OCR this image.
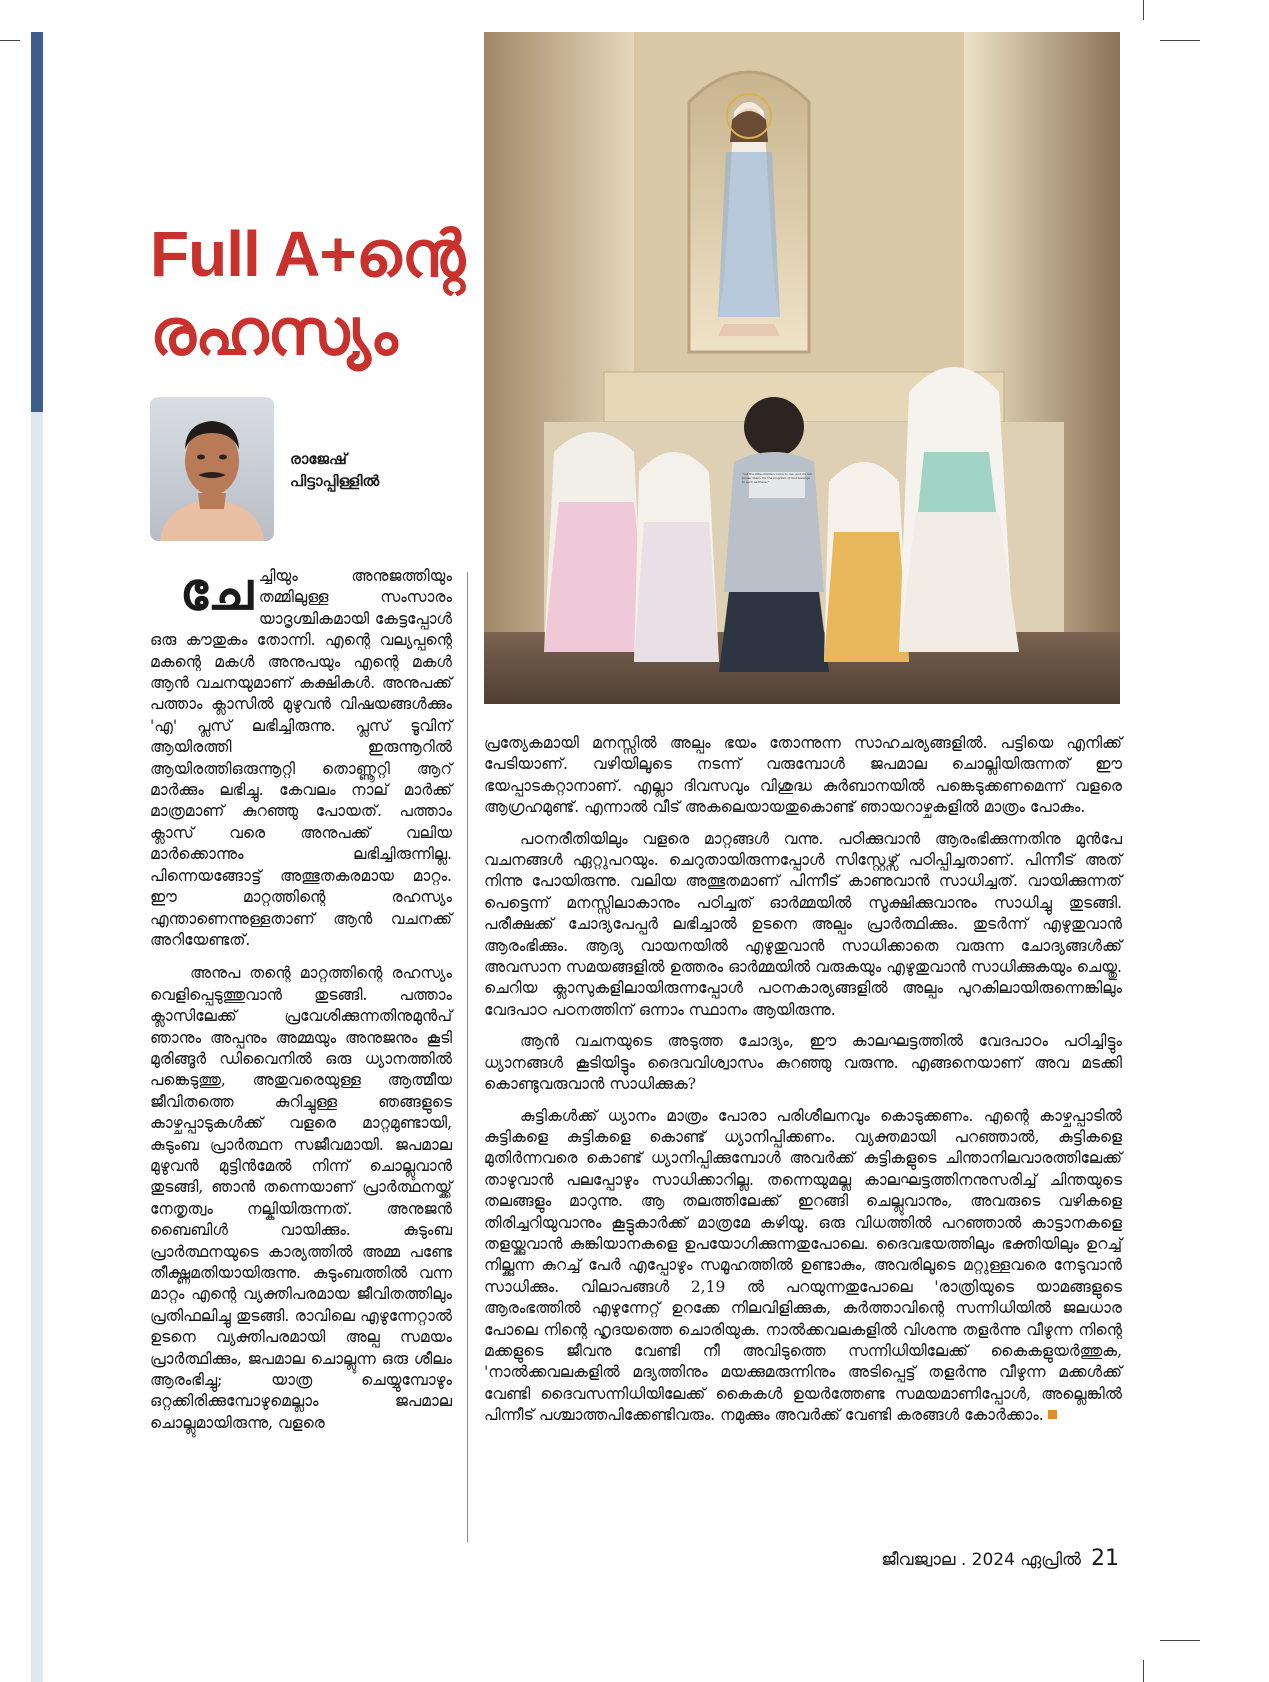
Full A+ന്റെ
രഹസ്യം
രാജേഷ്
പിട്ടാപ്പിള്ളിൽ	“Let the little children come to me, and do not hinder them, for the kingdom of God belongs to such as these.”

ചേച്ചിയും അനുജത്തിയും തമ്മിലുള്ള സംസാരം യാദൃശ്ചികമായി കേട്ടപ്പോൾ ഒരു കൗതുകം തോന്നി. എന്റെ വല്യപ്പന്റെ മകന്റെ മകൾ അനുപയും എന്റെ മകൾ ആൻ വചനയുമാണ് കക്ഷികൾ. അനുപക്ക് പത്താം ക്ലാസിൽ മുഴുവൻ വിഷയങ്ങൾക്കും 'എ' പ്ലസ് ലഭിച്ചിരുന്നു. പ്ലസ് ടൂവിന് ആയിരത്തി ഇരുന്നൂറിൽ ആയിരത്തിഒരുന്നൂറ്റി തൊണ്ണൂറ്റി ആറ് മാർക്കും ലഭിച്ചു. കേവലം നാല് മാർക്ക് മാത്രമാണ് കുറഞ്ഞു പോയത്. പത്താം ക്ലാസ് വരെ അനുപക്ക് വലിയ മാർക്കൊന്നും ലഭിച്ചിരുന്നില്ല. പിന്നെയങ്ങോട്ട് അത്ഭുതകരമായ മാറ്റം. ഈ മാറ്റത്തിന്റെ രഹസ്യം എന്താണെന്നുള്ളതാണ് ആൻ വചനക്ക് അറിയേണ്ടത്.

അനുപ തന്റെ മാറ്റത്തിന്റെ രഹസ്യം വെളിപ്പെടുത്തുവാൻ തുടങ്ങി. പത്താം ക്ലാസിലേക്ക് പ്രവേശിക്കുന്നതിനുമുൻപ് ഞാനും അപ്പനും അമ്മയും അനുജനും കൂടി മുരിങ്ങൂർ ഡിവൈനിൽ ഒരു ധ്യാനത്തിൽ പങ്കെടുത്തു, അതുവരെയുള്ള ആത്മീയ ജീവിതത്തെ കുറിച്ചുള്ള ഞങ്ങളുടെ കാഴ്ചപ്പാടുകൾക്ക് വളരെ മാറ്റമുണ്ടായി, കുടുംബ പ്രാർത്ഥന സജീവമായി. ജപമാല മുഴുവൻ മുട്ടിൻമേൽ നിന്ന് ചൊല്ലുവാൻ തുടങ്ങി, ഞാൻ തന്നെയാണ് പ്രാർത്ഥനയ്ക്ക് നേതൃത്വം നല്കിയിരുന്നത്. അനുജൻ ബൈബിൾ വായിക്കും. കുടുംബ പ്രാർത്ഥനയുടെ കാര്യത്തിൽ അമ്മ പണ്ടേ തീക്ഷ്ണമതിയായിരുന്നു. കുടുംബത്തിൽ വന്ന മാറ്റം എന്റെ വ്യക്തിപരമായ ജീവിതത്തിലും പ്രതിഫലിച്ചു തുടങ്ങി. രാവിലെ എഴുന്നേറ്റാൽ ഉടനെ വ്യക്തിപരമായി അല്പ സമയം പ്രാർത്ഥിക്കും, ജപമാല ചൊല്ലുന്ന ഒരു ശീലം ആരംഭിച്ചു; യാത്ര ചെയ്യുമ്പോഴും ഒറ്റക്കിരിക്കുമ്പോഴുമെല്ലാം ജപമാല ചൊല്ലുമായിരുന്നു, വളരെ

പ്രത്യേകമായി മനസ്സിൽ അല്പം ഭയം തോന്നുന്ന സാഹചര്യങ്ങളിൽ. പട്ടിയെ എനിക്ക് പേടിയാണ്. വഴിയിലൂടെ നടന്ന് വരുമ്പോൾ ജപമാല ചൊല്ലിയിരുന്നത് ഈ ഭയപ്പാടകറ്റാനാണ്. എല്ലാ ദിവസവും വിശുദ്ധ കുർബാനയിൽ പങ്കെടുക്കണമെന്ന് വളരെ ആഗ്രഹമുണ്ട്. എന്നാൽ വീട് അകലെയായതുകൊണ്ട് ഞായറാഴ്ചകളിൽ മാത്രം പോകും.

പഠനരീതിയിലും വളരെ മാറ്റങ്ങൾ വന്നു. പഠിക്കുവാൻ ആരംഭിക്കുന്നതിനു മുൻപേ വചനങ്ങൾ ഏറ്റുപറയും. ചെറുതായിരുന്നപ്പോൾ സിസ്റ്റേഴ്സ് പഠിപ്പിച്ചതാണ്. പിന്നീട് അത് നിന്നു പോയിരുന്നു. വലിയ അത്ഭുതമാണ് പിന്നീട് കാണുവാൻ സാധിച്ചത്. വായിക്കുന്നത് പെട്ടെന്ന് മനസ്സിലാകാനും പഠിച്ചത് ഓർമ്മയിൽ സൂക്ഷിക്കുവാനും സാധിച്ചു തുടങ്ങി. പരീക്ഷക്ക് ചോദ്യപേപ്പർ ലഭിച്ചാൽ ഉടനെ അല്പം പ്രാർത്ഥിക്കും. തുടർന്ന് എഴുതുവാൻ ആരംഭിക്കും. ആദ്യ വായനയിൽ എഴുതുവാൻ സാധിക്കാതെ വരുന്ന ചോദ്യങ്ങൾക്ക് അവസാന സമയങ്ങളിൽ ഉത്തരം ഓർമ്മയിൽ വരുകയും എഴുതുവാൻ സാധിക്കുകയും ചെയ്തു. ചെറിയ ക്ലാസുകളിലായിരുന്നപ്പോൾ പഠനകാര്യങ്ങളിൽ അല്പം പുറകിലായിരുന്നെങ്കിലും വേദപാഠ പഠനത്തിന് ഒന്നാം സ്ഥാനം ആയിരുന്നു.

ആൻ വചനയുടെ അടുത്ത ചോദ്യം, ഈ കാലഘട്ടത്തിൽ വേദപാഠം പഠിച്ചിട്ടും ധ്യാനങ്ങൾ കൂടിയിട്ടും ദൈവവിശ്വാസം കുറഞ്ഞു വരുന്നു. എങ്ങനെയാണ് അവ മടക്കി കൊണ്ടുവരുവാൻ സാധിക്കുക?

കുട്ടികൾക്ക് ധ്യാനം മാത്രം പോരാ പരിശീലനവും കൊടുക്കണം. എന്റെ കാഴ്ചപ്പാടിൽ കുട്ടികളെ കുട്ടികളെ കൊണ്ട് ധ്യാനിപ്പിക്കണം. വ്യക്തമായി പറഞ്ഞാൽ, കുട്ടികളെ മുതിർന്നവരെ കൊണ്ട് ധ്യാനിപ്പിക്കുമ്പോൾ അവർക്ക് കുട്ടികളുടെ ചിന്താനിലവാരത്തിലേക്ക് താഴുവാൻ പലപ്പോഴും സാധിക്കാറില്ല. തന്നെയുമല്ല കാലഘട്ടത്തിനനുസരിച്ച് ചിന്തയുടെ തലങ്ങളും മാറുന്നു. ആ തലത്തിലേക്ക് ഇറങ്ങി ചെല്ലുവാനും, അവരുടെ വഴികളെ തിരിച്ചറിയുവാനും കൂട്ടുകാർക്ക് മാത്രമേ കഴിയൂ. ഒരു വിധത്തിൽ പറഞ്ഞാൽ കാട്ടാനകളെ തളയ്ക്കുവാൻ കുങ്കിയാനകളെ ഉപയോഗിക്കുന്നതുപോലെ. ദൈവഭയത്തിലും ഭക്തിയിലും ഉറച്ച് നില്ക്കുന്ന കുറച്ച് പേർ എപ്പോഴും സമൂഹത്തിൽ ഉണ്ടാകും, അവരിലൂടെ മറ്റുള്ളവരെ നേടുവാൻ സാധിക്കും. വിലാപങ്ങൾ 2,19 ൽ പറയുന്നതുപോലെ 'രാത്രിയുടെ യാമങ്ങളുടെ ആരംഭത്തിൽ എഴുന്നേറ്റ് ഉറക്കേ നിലവിളിക്കുക, കർത്താവിന്റെ സന്നിധിയിൽ ജലധാര പോലെ നിന്റെ ഹൃദയത്തെ ചൊരിയുക. നാൽക്കവലകളിൽ വിശന്നു തളർന്നു വീഴുന്ന നിന്റെ മക്കളുടെ ജീവനു വേണ്ടി നീ അവിടുത്തെ സന്നിധിയിലേക്ക് കൈകളുയർത്തുക, 'നാൽക്കവലകളിൽ മദ്യത്തിനും മയക്കുമരുന്നിനും അടിപ്പെട്ട് തളർന്നു വീഴുന്ന മക്കൾക്ക് വേണ്ടി ദൈവസന്നിധിയിലേക്ക് കൈകൾ ഉയർത്തേണ്ട സമയമാണിപ്പോൾ, അല്ലെങ്കിൽ പിന്നീട് പശ്ചാത്തപിക്കേണ്ടിവരും. നമുക്കും അവർക്ക് വേണ്ടി കരങ്ങൾ കോർക്കാം.

ജീവജ്വാല . 2024 ഏപ്രിൽ 21
